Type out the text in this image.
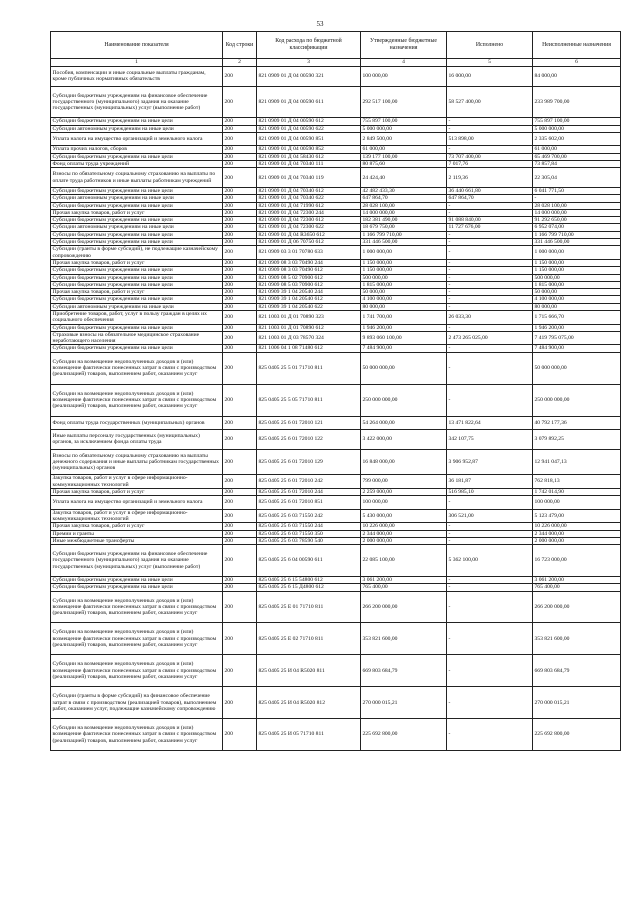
53
Наименование показателя	Код строки	Код расхода по бюджетной классификации	Утвержденные бюджетные назначения	Исполнено	Неисполненные назначения
1	2	3	4	5	6
Пособия, компенсации и иные социальные выплаты гражданам, кроме публичных нормативных обязательств	200	821 0909 01 Д 04 00590 321	100 000,00	16 000,00	84 000,00
Субсидии бюджетным учреждениям на финансовое обеспечение государственного (муниципального) задания на оказание государственных (муниципальных) услуг (выполнение работ)	200	821 0909 01 Д 04 00590 611	292 517 100,00	58 527 400,00	233 989 700,00
Субсидии бюджетным учреждениям на иные цели	200	821 0909 01 Д 04 00590 612	755 897 100,00	-	755 897 100,00
Субсидии автономным учреждениям на иные цели	200	821 0909 01 Д 04 00590 622	5 000 000,00	-	5 000 000,00
Уплата налога на имущество организаций и земельного налога	200	821 0909 01 Д 04 00590 851	2 849 500,00	513 898,00	2 335 602,00
Уплата прочих налогов, сборов	200	821 0909 01 Д 04 00590 852	61 000,00	-	61 000,00
Субсидии бюджетным учреждениям на иные цели	200	821 0909 01 Д 04 58430 612	139 177 100,00	73 707 400,00	65 469 700,00
Фонд оплаты труда учреждений	200	821 0909 01 Д 04 70340 111	80 875,60	7 017,76	73 857,84
Взносы по обязательному социальному страхованию на выплаты по оплате труда работников и иные выплаты работникам учреждений	200	821 0909 01 Д 04 70340 119	24 424,40	2 119,36	22 305,04
Субсидии бюджетным учреждениям на иные цели	200	821 0909 01 Д 04 70340 612	42 482 433,30	36 440 661,80	6 041 771,50
Субсидии автономным учреждениям на иные цели	200	821 0909 01 Д 04 70340 622	647 864,70	647 864,70	-
Субсидии бюджетным учреждениям на иные цели	200	821 0909 01 Д 04 71990 612	28 028 100,00	-	28 028 100,00
Прочая закупка товаров, работ и услуг	200	821 0909 01 Д 04 72300 244	14 000 000,00	-	14 000 000,00
Субсидии бюджетным учреждениям на иные цели	200	821 0909 01 Д 04 72300 612	182 381 490,00	91 088 840,00	91 292 650,00
Субсидии автономным учреждениям на иные цели	200	821 0909 01 Д 04 72300 622	18 679 750,00	11 727 676,00	6 952 074,00
Субсидии бюджетным учреждениям на иные цели	200	821 0909 01 Д 04 R3650 612	1 166 799 710,00	-	1 166 799 710,00
Субсидии бюджетным учреждениям на иные цели	200	821 0909 01 Д 06 70750 612	331 446 500,00	-	331 446 500,00
Субсидии (гранты в форме субсидий), не подлежащие казначейскому сопровождению	200	821 0909 03 3 01 70780 633	1 000 000,00	-	1 000 000,00
Прочая закупка товаров, работ и услуг	200	821 0909 08 3 03 70490 244	1 150 000,00	-	1 150 000,00
Субсидии бюджетным учреждениям на иные цели	200	821 0909 08 3 03 70490 612	1 150 000,00	-	1 150 000,00
Субсидии бюджетным учреждениям на иные цели	200	821 0909 08 5 02 70900 612	500 000,00	-	500 000,00
Субсидии бюджетным учреждениям на иные цели	200	821 0909 08 5 03 70900 612	1 815 000,00	-	1 815 000,00
Прочая закупка товаров, работ и услуг	200	821 0909 39 1 04 20540 244	50 000,00	-	50 000,00
Субсидии бюджетным учреждениям на иные цели	200	821 0909 39 1 04 20540 612	4 100 000,00	-	4 100 000,00
Субсидии автономным учреждениям на иные цели	200	821 0909 39 1 04 20540 622	80 000,00	-	80 000,00
Приобретение товаров, работ, услуг в пользу граждан в целях их социального обеспечения	200	821 1003 01 Д 01 70890 323	1 741 700,00	26 033,30	1 715 666,70
Субсидии бюджетным учреждениям на иные цели	200	821 1003 01 Д 01 70890 612	1 946 200,00	-	1 946 200,00
Страховые взносы на обязательное медицинское страхование неработающего населения	200	821 1003 01 Д 03 78570 324	9 893 060 100,00	2 473 265 025,00	7 419 795 075,00
Субсидии бюджетным учреждениям на иные цели	200	821 1006 04 1 08 71480 612	7 484 900,00	-	7 484 900,00
Субсидии на возмещение недополученных доходов и (или) возмещение фактически понесенных затрат в связи с производством (реализацией) товаров, выполнением работ, оказанием услуг	200	825 0405 25 5 01 71710 811	50 000 000,00	-	50 000 000,00
Субсидии на возмещение недополученных доходов и (или) возмещение фактически понесенных затрат в связи с производством (реализацией) товаров, выполнением работ, оказанием услуг	200	825 0405 25 5 05 71710 811	250 000 000,00	-	250 000 000,00
Фонд оплаты труда государственных (муниципальных) органов	200	825 0405 25 6 01 72010 121	54 264 000,00	13 471 822,64	40 792 177,36
Иные выплаты персоналу государственных (муниципальных) органов, за исключением фонда оплаты труда	200	825 0405 25 6 01 72010 122	3 422 000,00	342 107,75	3 079 892,25
Взносы по обязательному социальному страхованию на выплаты денежного содержания и иные выплаты работникам государственных (муниципальных) органов	200	825 0405 25 6 01 72010 129	16 848 000,00	3 906 952,87	12 941 047,13
Закупка товаров, работ и услуг в сфере информационно-коммуникационных технологий	200	825 0405 25 6 01 72010 242	799 000,00	36 181,87	762 818,13
Прочая закупка товаров, работ и услуг	200	825 0405 25 6 01 72010 244	2 259 000,00	516 985,10	1 742 014,90
Уплата налога на имущество организаций и земельного налога	200	825 0405 25 6 01 72010 851	100 000,00	-	100 000,00
Закупка товаров, работ и услуг в сфере информационно-коммуникационных технологий	200	825 0405 25 6 03 71550 242	5 430 000,00	306 521,00	5 123 479,00
Прочая закупка товаров, работ и услуг	200	825 0405 25 6 03 71550 244	10 226 000,00	-	10 226 000,00
Премии и гранты	200	825 0405 25 6 03 71550 350	2 344 000,00	-	2 344 000,00
Иные межбюджетные трансферты	200	825 0405 25 6 03 78590 540	2 000 000,00	-	2 000 000,00
Субсидии бюджетным учреждениям на финансовое обеспечение государственного (муниципального) задания на оказание государственных (муниципальных) услуг (выполнение работ)	200	825 0405 25 6 04 00590 611	22 085 100,00	5 362 100,00	16 723 000,00
Субсидии бюджетным учреждениям на иные цели	200	825 0405 25 6 15 54800 612	3 061 200,00	-	3 061 200,00
Субсидии бюджетным учреждениям на иные цели	200	825 0405 25 6 15 Д4800 612	765 400,00	-	765 400,00
Субсидии на возмещение недополученных доходов и (или) возмещение фактически понесенных затрат в связи с производством (реализацией) товаров, выполнением работ, оказанием услуг	200	825 0405 25 Е 01 71710 811	266 200 000,00	-	266 200 000,00
Субсидии на возмещение недополученных доходов и (или) возмещение фактически понесенных затрат в связи с производством (реализацией) товаров, выполнением работ, оказанием услуг	200	825 0405 25 Е 02 71710 811	353 821 600,00	-	353 821 600,00
Субсидии на возмещение недополученных доходов и (или) возмещение фактически понесенных затрат в связи с производством (реализацией) товаров, выполнением работ, оказанием услуг	200	825 0405 25 И 04 R5020 811	669 803 684,79	-	669 803 684,79
Субсидии (гранты в форме субсидий) на финансовое обеспечение затрат в связи с производством (реализацией товаров), выполнением работ, оказанием услуг, подлежащие казначейскому сопровождению	200	825 0405 25 И 04 R5020 812	270 000 015,21	-	270 000 015,21
Субсидии на возмещение недополученных доходов и (или) возмещение фактически понесенных затрат в связи с производством (реализацией) товаров, выполнением работ, оказанием услуг	200	825 0405 25 И 05 71710 811	225 692 800,00	-	225 692 800,00
